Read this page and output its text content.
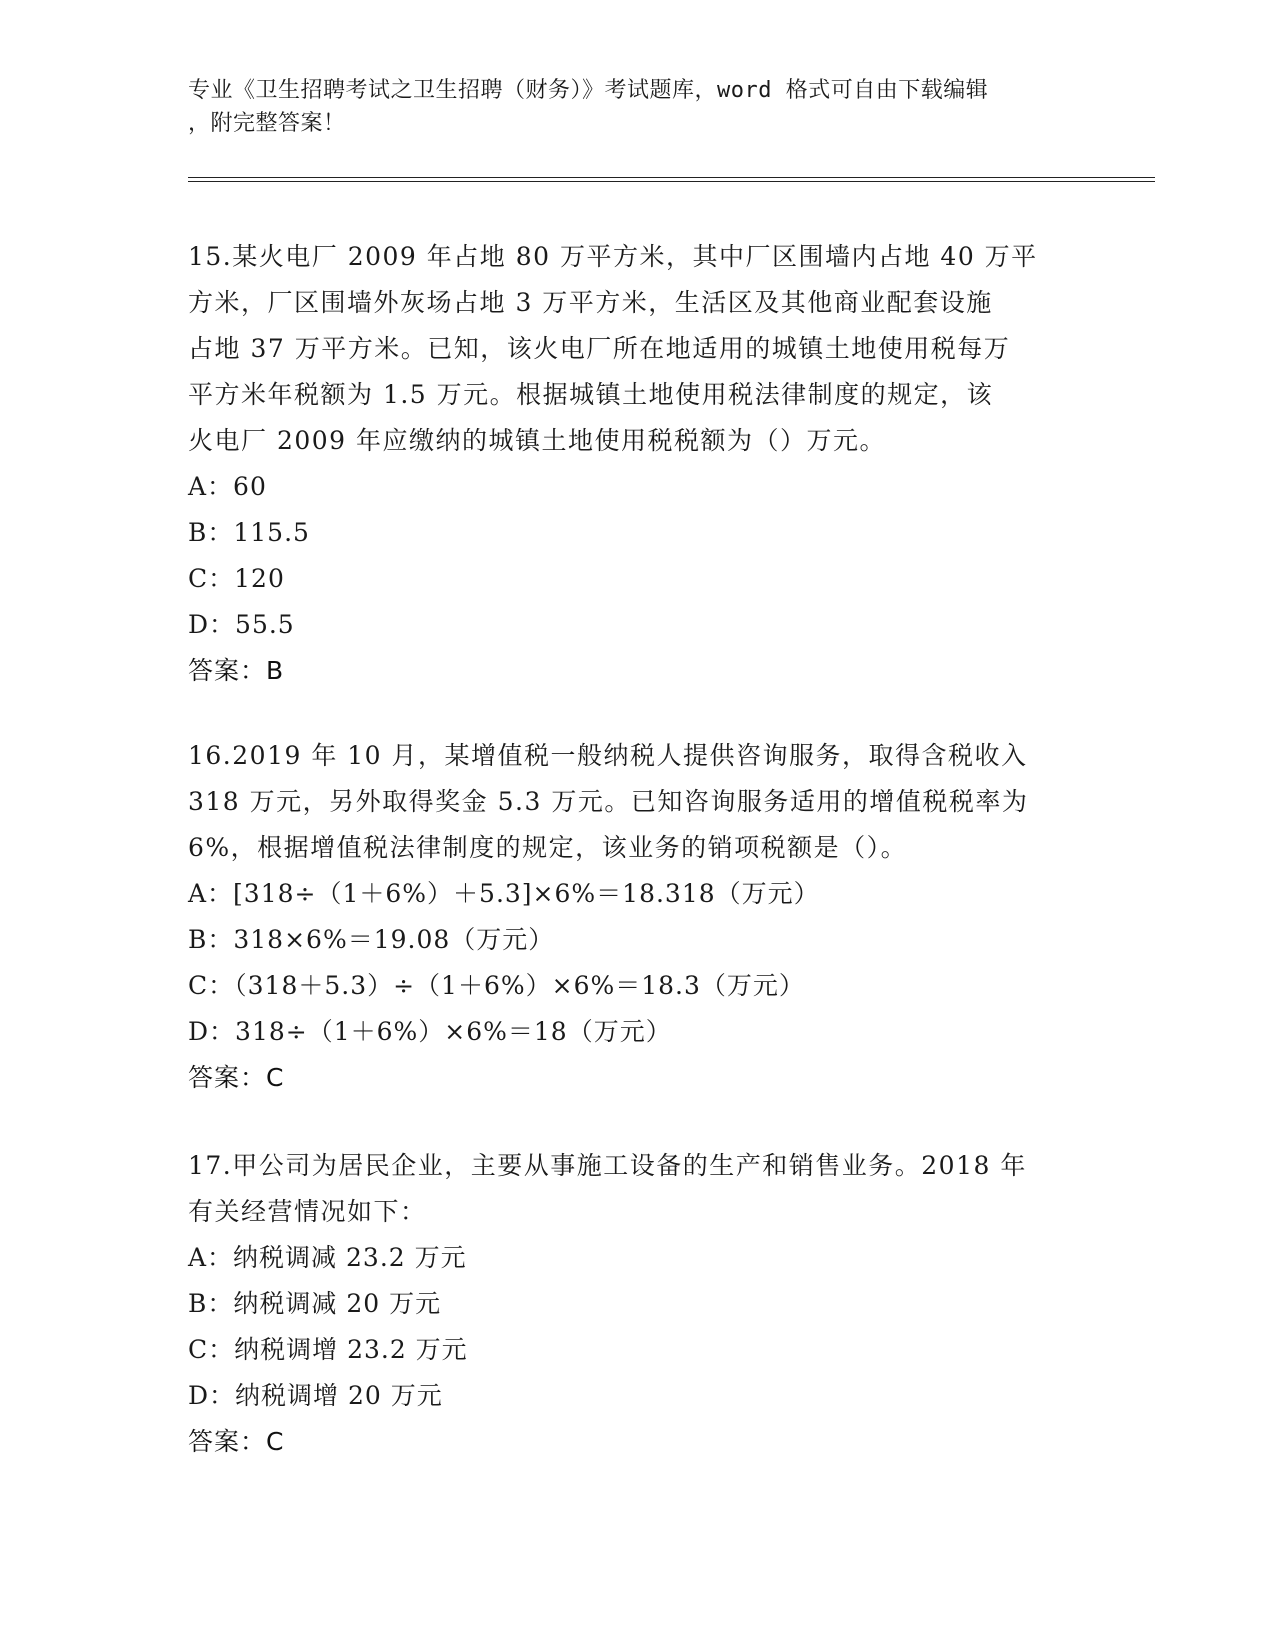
专业《卫生招聘考试之卫生招聘（财务）》考试题库，word 格式可自由下载编辑
，附完整答案！

15.某火电厂 2009 年占地 80 万平方米，其中厂区围墙内占地 40 万平

方米，厂区围墙外灰场占地 3 万平方米，生活区及其他商业配套设施

占地 37 万平方米。已知，该火电厂所在地适用的城镇土地使用税每万

平方米年税额为 1.5 万元。根据城镇土地使用税法律制度的规定，该

火电厂 2009 年应缴纳的城镇土地使用税税额为（）万元。

A：60

B：115.5

C：120

D：55.5

答案：B

16.2019 年 10 月，某增值税一般纳税人提供咨询服务，取得含税收入

318 万元，另外取得奖金 5.3 万元。已知咨询服务适用的增值税税率为

6%，根据增值税法律制度的规定，该业务的销项税额是（）。

A：[318÷（1＋6%）＋5.3]×6%＝18.318（万元）

B：318×6%＝19.08（万元）

C：（318＋5.3）÷（1＋6%）×6%＝18.3（万元）

D：318÷（1＋6%）×6%＝18（万元）

答案：C

17.甲公司为居民企业，主要从事施工设备的生产和销售业务。2018 年

有关经营情况如下：

A：纳税调减 23.2 万元

B：纳税调减 20 万元

C：纳税调增 23.2 万元

D：纳税调增 20 万元

答案：C
